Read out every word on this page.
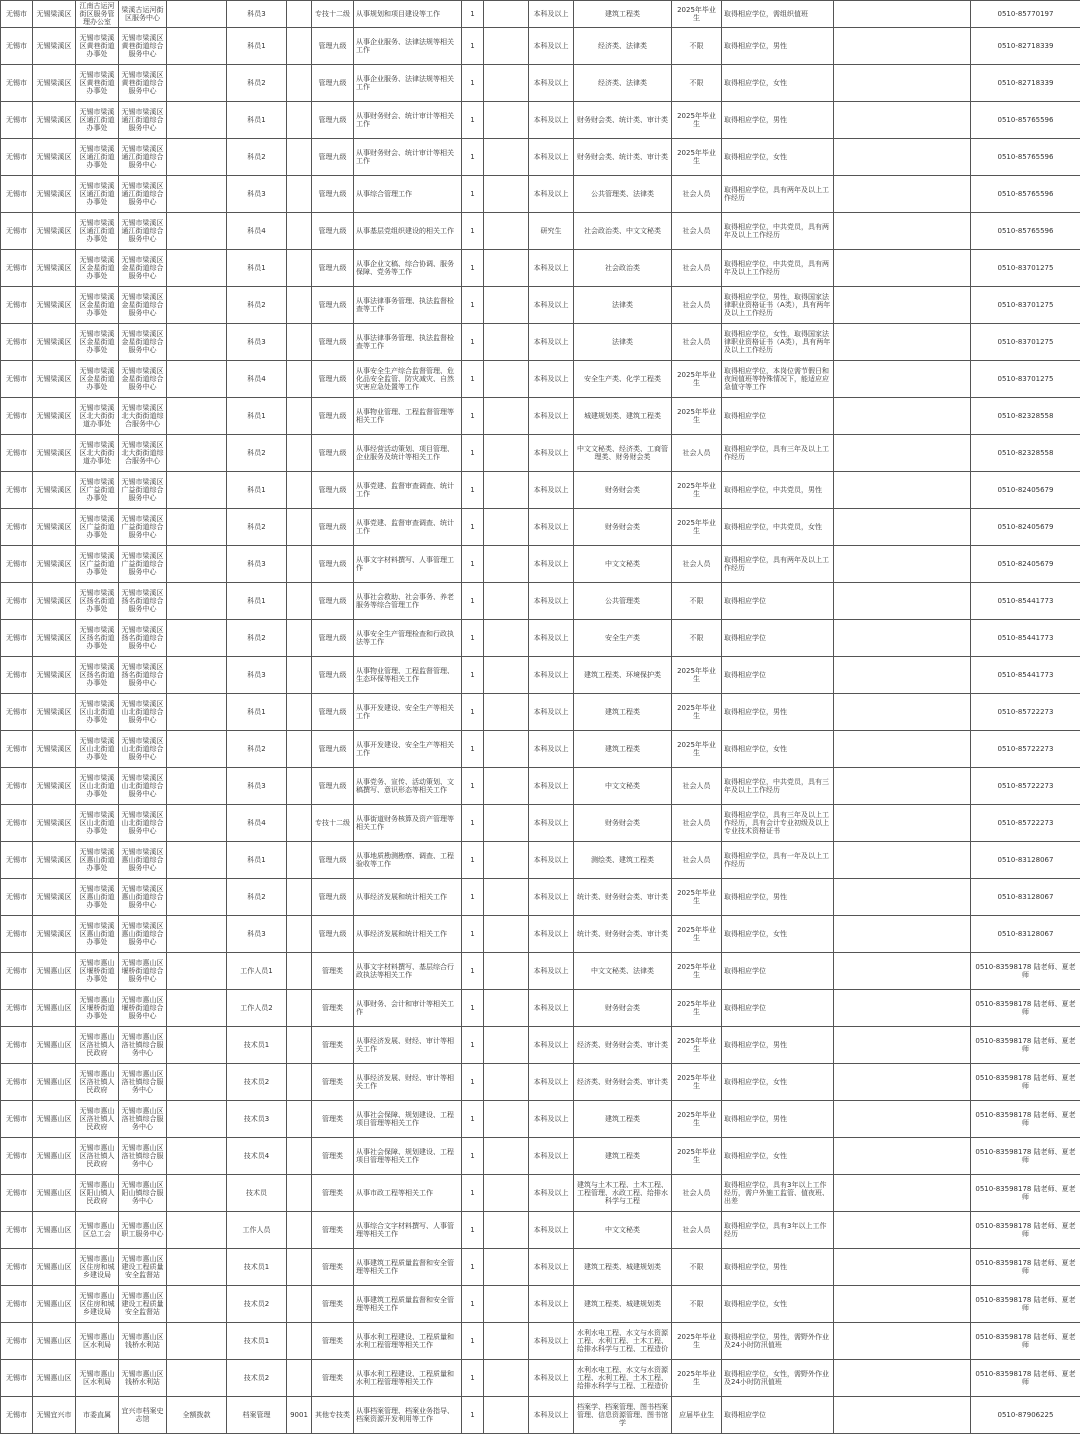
无锡市	无锡梁溪区	江南古运河街区服务管理办公室	梁溪古运河街区服务中心		科员3		专技十二级	从事规划和项目建设等工作	1		本科及以上	建筑工程类	2025年毕业生	取得相应学位，需组织值班		0510-85770197
无锡市	无锡梁溪区	无锡市梁溪区黄巷街道办事处	无锡市梁溪区黄巷街道综合服务中心		科员1		管理九级	从事企业服务、法律法规等相关工作	1		本科及以上	经济类、法律类	不限	取得相应学位，男性		0510-82718339
无锡市	无锡梁溪区	无锡市梁溪区黄巷街道办事处	无锡市梁溪区黄巷街道综合服务中心		科员2		管理九级	从事企业服务、法律法规等相关工作	1		本科及以上	经济类、法律类	不限	取得相应学位，女性		0510-82718339
无锡市	无锡梁溪区	无锡市梁溪区通江街道办事处	无锡市梁溪区通江街道综合服务中心		科员1		管理九级	从事财务财会、统计审计等相关工作	1		本科及以上	财务财会类、统计类、审计类	2025年毕业生	取得相应学位，男性		0510-85765596
无锡市	无锡梁溪区	无锡市梁溪区通江街道办事处	无锡市梁溪区通江街道综合服务中心		科员2		管理九级	从事财务财会、统计审计等相关工作	1		本科及以上	财务财会类、统计类、审计类	2025年毕业生	取得相应学位，女性		0510-85765596
无锡市	无锡梁溪区	无锡市梁溪区通江街道办事处	无锡市梁溪区通江街道综合服务中心		科员3		管理九级	从事综合管理工作	1		本科及以上	公共管理类、法律类	社会人员	取得相应学位，具有两年及以上工作经历		0510-85765596
无锡市	无锡梁溪区	无锡市梁溪区通江街道办事处	无锡市梁溪区通江街道综合服务中心		科员4		管理九级	从事基层党组织建设的相关工作	1		研究生	社会政治类、中文文秘类	社会人员	取得相应学位，中共党员，具有两年及以上工作经历		0510-85765596
无锡市	无锡梁溪区	无锡市梁溪区金星街道办事处	无锡市梁溪区金星街道综合服务中心		科员1		管理九级	从事企业文稿、综合协调、服务保障、党务等工作	1		本科及以上	社会政治类	社会人员	取得相应学位，中共党员，具有两年及以上工作经历		0510-83701275
无锡市	无锡梁溪区	无锡市梁溪区金星街道办事处	无锡市梁溪区金星街道综合服务中心		科员2		管理九级	从事法律事务管理、执法监督检查等工作	1		本科及以上	法律类	社会人员	取得相应学位，男性，取得国家法律职业资格证书（A类），具有两年及以上工作经历		0510-83701275
无锡市	无锡梁溪区	无锡市梁溪区金星街道办事处	无锡市梁溪区金星街道综合服务中心		科员3		管理九级	从事法律事务管理、执法监督检查等工作	1		本科及以上	法律类	社会人员	取得相应学位，女性，取得国家法律职业资格证书（A类），具有两年及以上工作经历		0510-83701275
无锡市	无锡梁溪区	无锡市梁溪区金星街道办事处	无锡市梁溪区金星街道综合服务中心		科员4		管理九级	从事安全生产综合监督管理、危化品安全监管、防灾减灾、自然灾害应急处置等工作	1		本科及以上	安全生产类、化学工程类	2025年毕业生	取得相应学位，本岗位需节假日和夜间值班等特殊情况下，能适应应急值守等工作		0510-83701275
无锡市	无锡梁溪区	无锡市梁溪区北大街街道办事处	无锡市梁溪区北大街街道综合服务中心		科员1		管理九级	从事物业管理、工程监督管理等相关工作	1		本科及以上	城建规划类、建筑工程类	2025年毕业生	取得相应学位		0510-82328558
无锡市	无锡梁溪区	无锡市梁溪区北大街街道办事处	无锡市梁溪区北大街街道综合服务中心		科员2		管理九级	从事经营活动策划、项目管理、企业服务及统计等相关工作	1		本科及以上	中文文秘类、经济类、工商管理类、财务财会类	社会人员	取得相应学位，具有三年及以上工作经历		0510-82328558
无锡市	无锡梁溪区	无锡市梁溪区广益街道办事处	无锡市梁溪区广益街道综合服务中心		科员1		管理九级	从事党建、监督审查调查、统计工作	1		本科及以上	财务财会类	2025年毕业生	取得相应学位，中共党员，男性		0510-82405679
无锡市	无锡梁溪区	无锡市梁溪区广益街道办事处	无锡市梁溪区广益街道综合服务中心		科员2		管理九级	从事党建、监督审查调查、统计工作	1		本科及以上	财务财会类	2025年毕业生	取得相应学位，中共党员，女性		0510-82405679
无锡市	无锡梁溪区	无锡市梁溪区广益街道办事处	无锡市梁溪区广益街道综合服务中心		科员3		管理九级	从事文字材料撰写、人事管理工作	1		本科及以上	中文文秘类	社会人员	取得相应学位，具有两年及以上工作经历		0510-82405679
无锡市	无锡梁溪区	无锡市梁溪区扬名街道办事处	无锡市梁溪区扬名街道综合服务中心		科员1		管理九级	从事社会救助、社会事务、养老服务等综合管理工作	1		本科及以上	公共管理类	不限	取得相应学位		0510-85441773
无锡市	无锡梁溪区	无锡市梁溪区扬名街道办事处	无锡市梁溪区扬名街道综合服务中心		科员2		管理九级	从事安全生产管理检查和行政执法等工作	1		本科及以上	安全生产类	不限	取得相应学位		0510-85441773
无锡市	无锡梁溪区	无锡市梁溪区扬名街道办事处	无锡市梁溪区扬名街道综合服务中心		科员3		管理九级	从事物业管理、工程监督管理、生态环保等相关工作	1		本科及以上	建筑工程类、环境保护类	2025年毕业生	取得相应学位		0510-85441773
无锡市	无锡梁溪区	无锡市梁溪区山北街道办事处	无锡市梁溪区山北街道综合服务中心		科员1		管理九级	从事开发建设、安全生产等相关工作	1		本科及以上	建筑工程类	2025年毕业生	取得相应学位，男性		0510-85722273
无锡市	无锡梁溪区	无锡市梁溪区山北街道办事处	无锡市梁溪区山北街道综合服务中心		科员2		管理九级	从事开发建设、安全生产等相关工作	1		本科及以上	建筑工程类	2025年毕业生	取得相应学位，女性		0510-85722273
无锡市	无锡梁溪区	无锡市梁溪区山北街道办事处	无锡市梁溪区山北街道综合服务中心		科员3		管理九级	从事党务、宣传、活动策划、文稿撰写、意识形态等相关工作	1		本科及以上	中文文秘类	社会人员	取得相应学位，中共党员，具有三年及以上工作经历		0510-85722273
无锡市	无锡梁溪区	无锡市梁溪区山北街道办事处	无锡市梁溪区山北街道综合服务中心		科员4		专技十二级	从事街道财务核算及资产管理等相关工作	1		本科及以上	财务财会类	社会人员	取得相应学位，具有三年及以上工作经历，具有会计专业初级及以上专业技术资格证书		0510-85722273
无锡市	无锡梁溪区	无锡市梁溪区惠山街道办事处	无锡市梁溪区惠山街道综合服务中心		科员1		管理九级	从事地质勘测勘察、调查、工程验收等工作	1		本科及以上	测绘类、建筑工程类	社会人员	取得相应学位，具有一年及以上工作经历		0510-83128067
无锡市	无锡梁溪区	无锡市梁溪区惠山街道办事处	无锡市梁溪区惠山街道综合服务中心		科员2		管理九级	从事经济发展和统计相关工作	1		本科及以上	统计类、财务财会类、审计类	2025年毕业生	取得相应学位，男性		0510-83128067
无锡市	无锡梁溪区	无锡市梁溪区惠山街道办事处	无锡市梁溪区惠山街道综合服务中心		科员3		管理九级	从事经济发展和统计相关工作	1		本科及以上	统计类、财务财会类、审计类	2025年毕业生	取得相应学位，女性		0510-83128067
无锡市	无锡惠山区	无锡市惠山区堰桥街道办事处	无锡市惠山区堰桥街道综合服务中心		工作人员1		管理类	从事文字材料撰写、基层综合行政执法等相关工作	1		本科及以上	中文文秘类、法律类	2025年毕业生	取得相应学位		0510-83598178 陆老师、夏老师
无锡市	无锡惠山区	无锡市惠山区堰桥街道办事处	无锡市惠山区堰桥街道综合服务中心		工作人员2		管理类	从事财务、会计和审计等相关工作	1		本科及以上	财务财会类	2025年毕业生	取得相应学位		0510-83598178 陆老师、夏老师
无锡市	无锡惠山区	无锡市惠山区洛社镇人民政府	无锡市惠山区洛社镇综合服务中心		技术员1		管理类	从事经济发展、财经、审计等相关工作	1		本科及以上	经济类、财务财会类、审计类	2025年毕业生	取得相应学位，男性		0510-83598178 陆老师、夏老师
无锡市	无锡惠山区	无锡市惠山区洛社镇人民政府	无锡市惠山区洛社镇综合服务中心		技术员2		管理类	从事经济发展、财经、审计等相关工作	1		本科及以上	经济类、财务财会类、审计类	2025年毕业生	取得相应学位，女性		0510-83598178 陆老师、夏老师
无锡市	无锡惠山区	无锡市惠山区洛社镇人民政府	无锡市惠山区洛社镇综合服务中心		技术员3		管理类	从事社会保障、规划建设、工程项目管理等相关工作	1		本科及以上	建筑工程类	2025年毕业生	取得相应学位，男性		0510-83598178 陆老师、夏老师
无锡市	无锡惠山区	无锡市惠山区洛社镇人民政府	无锡市惠山区洛社镇综合服务中心		技术员4		管理类	从事社会保障、规划建设、工程项目管理等相关工作	1		本科及以上	建筑工程类	2025年毕业生	取得相应学位，女性		0510-83598178 陆老师、夏老师
无锡市	无锡惠山区	无锡市惠山区阳山镇人民政府	无锡市惠山区阳山镇综合服务中心		技术员		管理类	从事市政工程等相关工作	1		本科及以上	建筑与土木工程、土木工程、工程管理、水政工程、给排水科学与工程	社会人员	取得相应学位，具有3年以上工作经历，需户外施工监管、值夜班、出差		0510-83598178 陆老师、夏老师
无锡市	无锡惠山区	无锡市惠山区总工会	无锡市惠山区职工服务中心		工作人员		管理类	从事综合文字材料撰写、人事管理等相关工作	1		本科及以上	中文文秘类	社会人员	取得相应学位，具有3年以上工作经历		0510-83598178 陆老师、夏老师
无锡市	无锡惠山区	无锡市惠山区住房和城乡建设局	无锡市惠山区建设工程质量安全监督站		技术员1		管理类	从事建筑工程质量监督和安全管理等相关工作	1		本科及以上	建筑工程类、城建规划类	不限	取得相应学位，男性		0510-83598178 陆老师、夏老师
无锡市	无锡惠山区	无锡市惠山区住房和城乡建设局	无锡市惠山区建设工程质量安全监督站		技术员2		管理类	从事建筑工程质量监督和安全管理等相关工作	1		本科及以上	建筑工程类、城建规划类	不限	取得相应学位，女性		0510-83598178 陆老师、夏老师
无锡市	无锡惠山区	无锡市惠山区水利局	无锡市惠山区钱桥水利站		技术员1		管理类	从事水利工程建设、工程质量和水利工程管理等相关工作	1		本科及以上	水利水电工程、水文与水资源工程、水利工程、土木工程、给排水科学与工程、工程造价	2025年毕业生	取得相应学位，男性，需野外作业及24小时防汛值班		0510-83598178 陆老师、夏老师
无锡市	无锡惠山区	无锡市惠山区水利局	无锡市惠山区钱桥水利站		技术员2		管理类	从事水利工程建设、工程质量和水利工程管理等相关工作	1		本科及以上	水利水电工程、水文与水资源工程、水利工程、土木工程、给排水科学与工程、工程造价	2025年毕业生	取得相应学位，女性，需野外作业及24小时防汛值班		0510-83598178 陆老师、夏老师
无锡市	无锡宜兴市	市委直属	宜兴市档案史志馆	全额拨款	档案管理	9001	其他专技类	从事档案管理、档案业务指导、档案资源开发利用等工作	1		本科及以上	档案学、档案管理、图书档案管理、信息资源管理、图书馆学	应届毕业生	取得相应学位		0510-87906225
